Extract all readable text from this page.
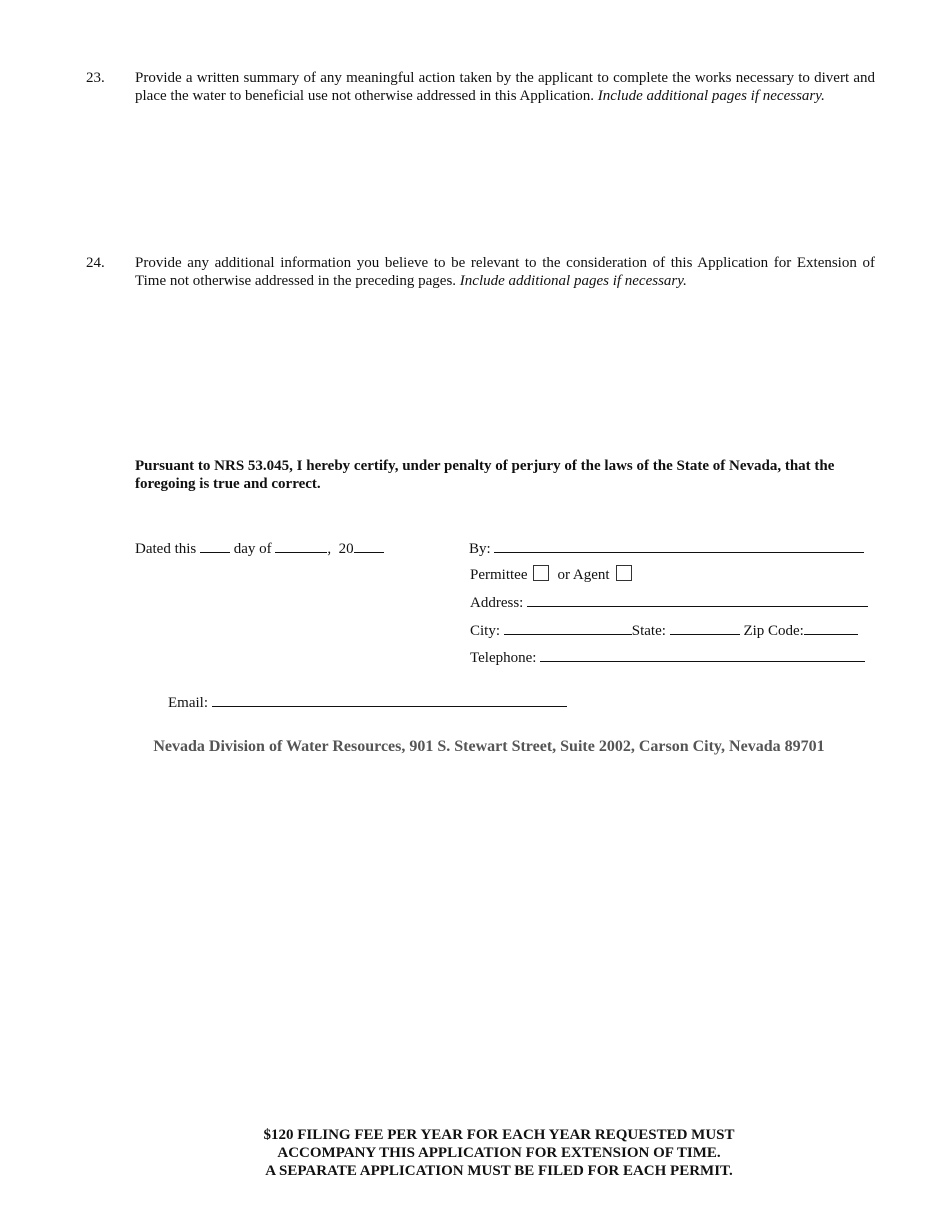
23. Provide a written summary of any meaningful action taken by the applicant to complete the works necessary to divert and place the water to beneficial use not otherwise addressed in this Application. Include additional pages if necessary.
24. Provide any additional information you believe to be relevant to the consideration of this Application for Extension of Time not otherwise addressed in the preceding pages. Include additional pages if necessary.
Pursuant to NRS 53.045, I hereby certify, under penalty of perjury of the laws of the State of Nevada, that the foregoing is true and correct.
Dated this	day of	, 20	By:
Permittee or Agent
Address:
City:	State:	Zip Code:
Telephone:
Email:
Nevada Division of Water Resources, 901 S. Stewart Street, Suite 2002, Carson City, Nevada 89701
$120 FILING FEE PER YEAR FOR EACH YEAR REQUESTED MUST
ACCOMPANY THIS APPLICATION FOR EXTENSION OF TIME.
A SEPARATE APPLICATION MUST BE FILED FOR EACH PERMIT.
